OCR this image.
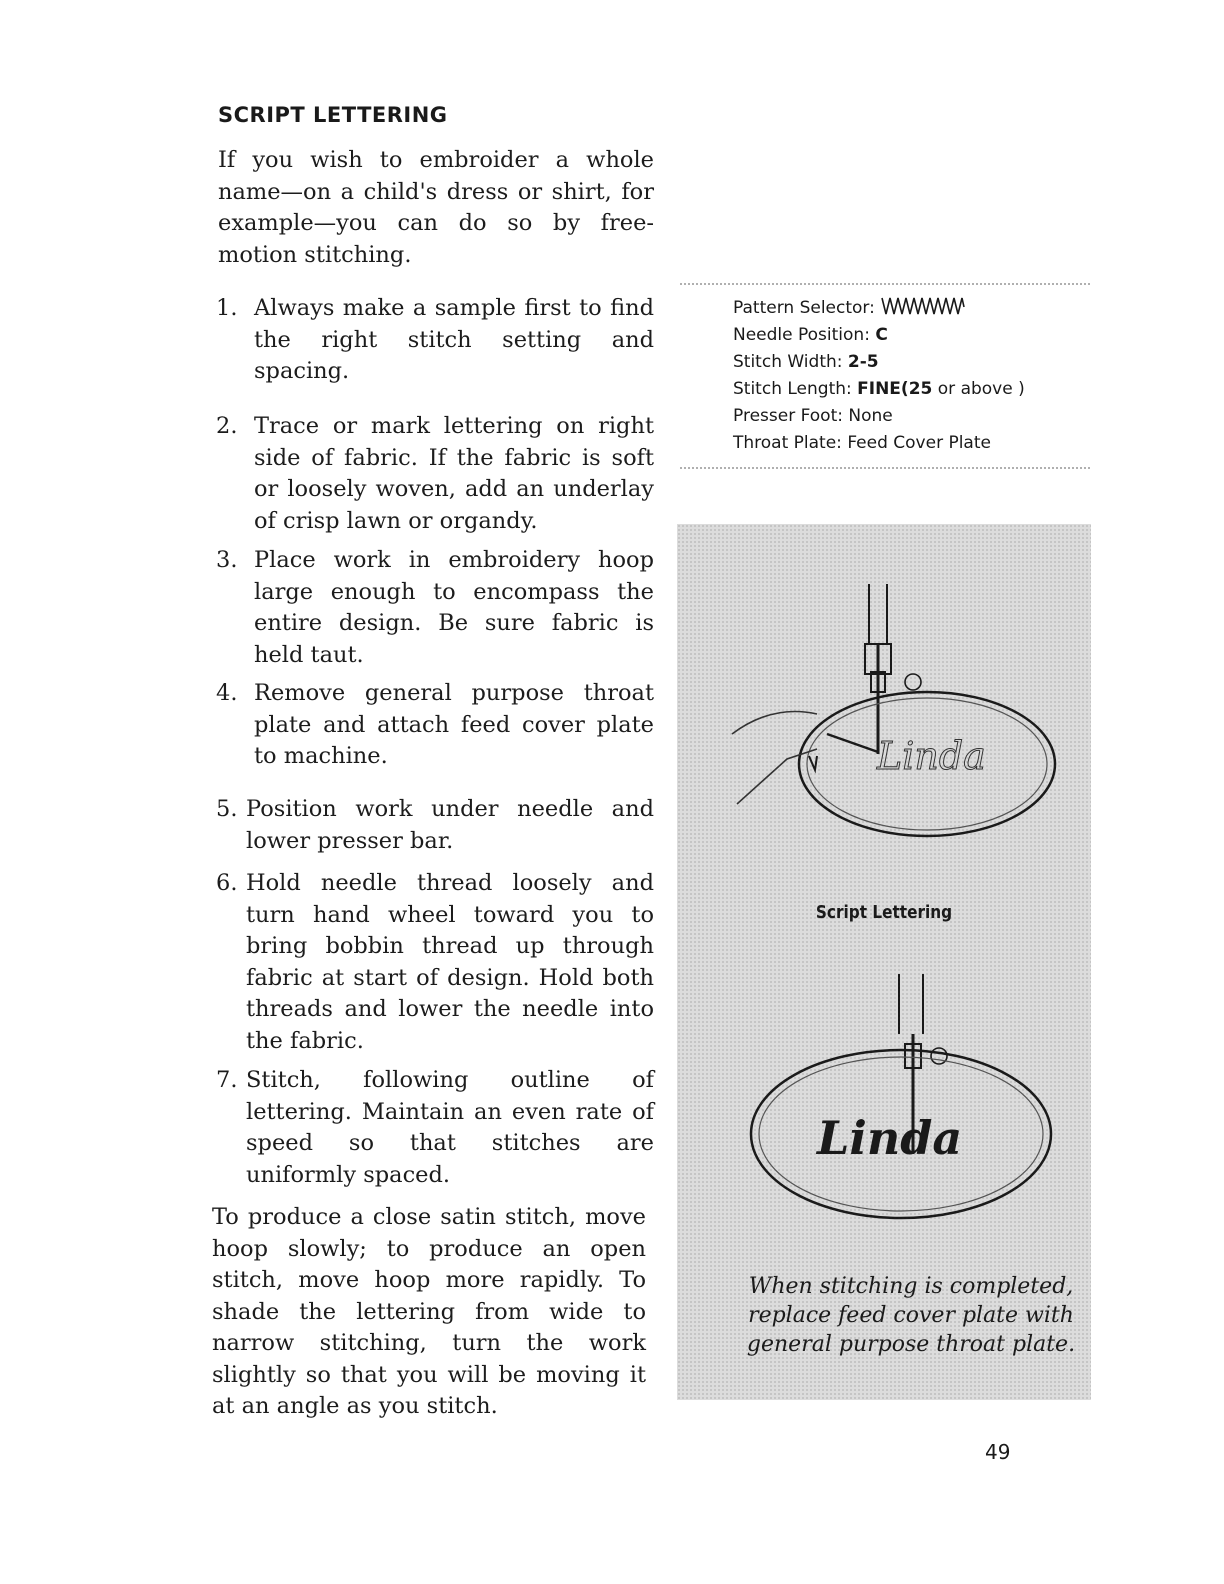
SCRIPT LETTERING

If you wish to embroider a whole name—on a child's dress or shirt, for example—you can do so by free-motion stitching.

1. Always make a sample first to find the right stitch setting and spacing.
2. Trace or mark lettering on right side of fabric. If the fabric is soft or loosely woven, add an underlay of crisp lawn or organdy.
3. Place work in embroidery hoop large enough to encompass the entire design. Be sure fabric is held taut.
4. Remove general purpose throat plate and attach feed cover plate to machine.
5. Position work under needle and lower presser bar.
6. Hold needle thread loosely and turn hand wheel toward you to bring bobbin thread up through fabric at start of design. Hold both threads and lower the needle into the fabric.
7. Stitch, following outline of lettering. Maintain an even rate of speed so that stitches are uniformly spaced.

To produce a close satin stitch, move hoop slowly; to produce an open stitch, move hoop more rapidly. To shade the lettering from wide to narrow stitching, turn the work slightly so that you will be moving it at an angle as you stitch.

Pattern Selector:
Needle Position: C
Stitch Width: 2-5
Stitch Length: FINE(25 or above )
Presser Foot: None
Throat Plate: Feed Cover Plate
Linda
Script Lettering
Linda
When stitching is completed, replace feed cover plate with general purpose throat plate.
49
